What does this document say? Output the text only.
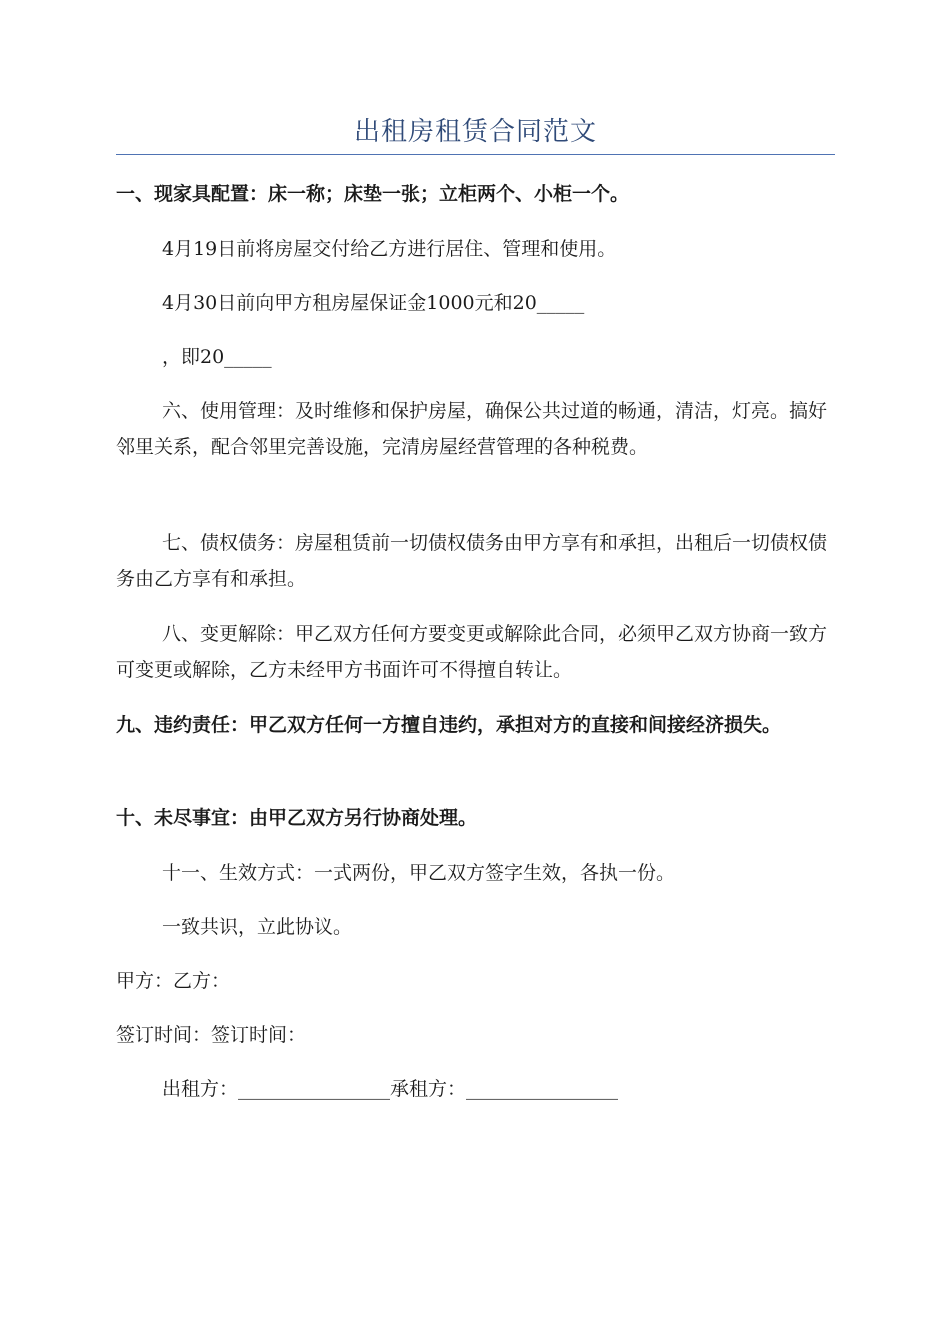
出租房租赁合同范文

一、现家具配置：床一称；床垫一张；立柜两个、小柜一个。

4月19日前将房屋交付给乙方进行居住、管理和使用。

4月30日前向甲方租房屋保证金1000元和20_____

，即20_____

六、使用管理：及时维修和保护房屋，确保公共过道的畅通，清洁，灯亮。搞好邻里关系，配合邻里完善设施，完清房屋经营管理的各种税费。

七、债权债务：房屋租赁前一切债权债务由甲方享有和承担，出租后一切债权债务由乙方享有和承担。

八、变更解除：甲乙双方任何方要变更或解除此合同，必须甲乙双方协商一致方可变更或解除，乙方未经甲方书面许可不得擅自转让。

九、违约责任：甲乙双方任何一方擅自违约，承担对方的直接和间接经济损失。

十、未尽事宜：由甲乙双方另行协商处理。

十一、生效方式：一式两份，甲乙双方签字生效，各执一份。

一致共识，立此协议。

甲方：乙方：

签订时间：签订时间：

出租方：________________承租方：________________
